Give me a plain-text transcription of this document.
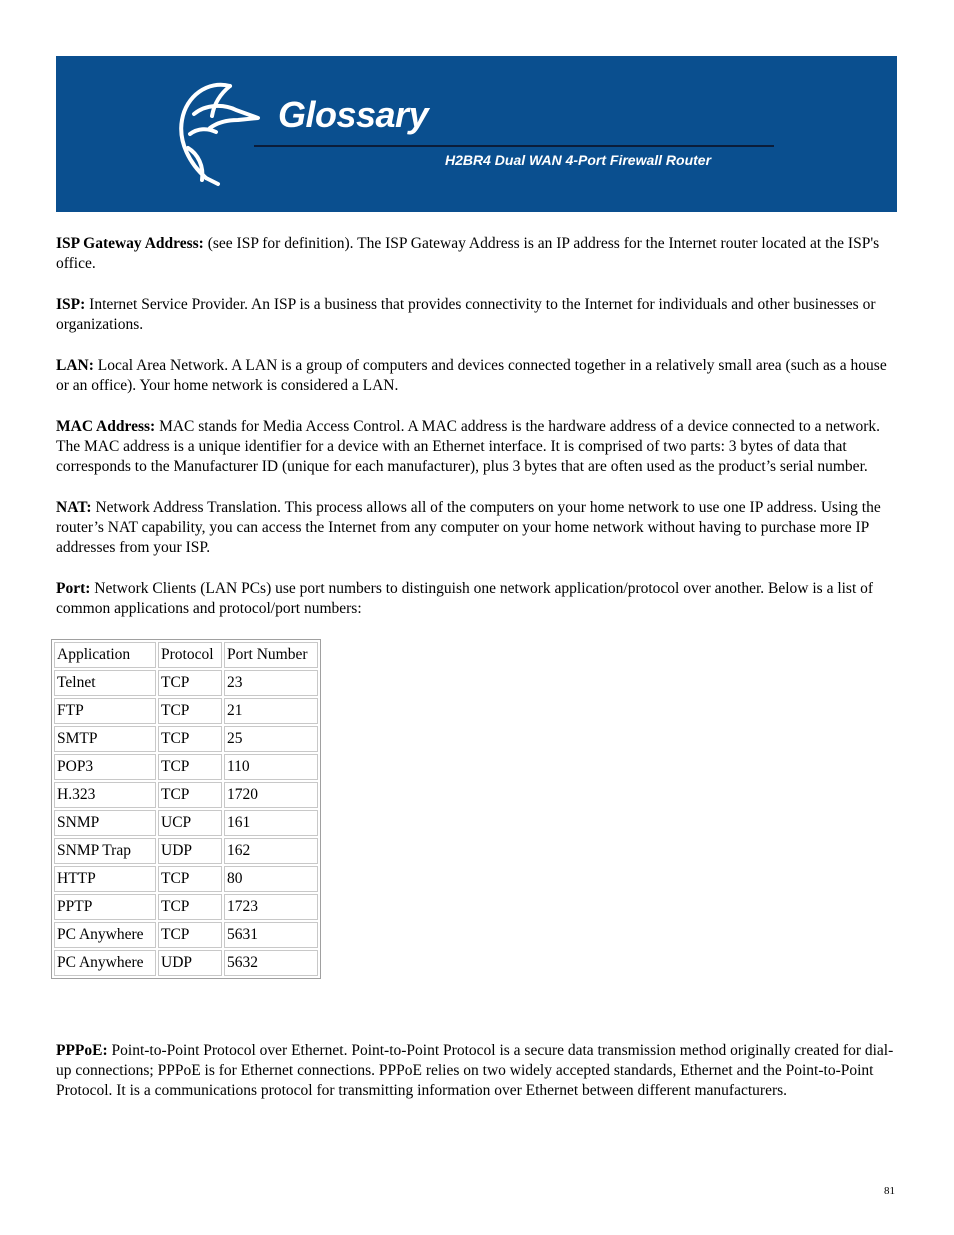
Glossary
H2BR4 Dual WAN 4-Port Firewall Router

ISP Gateway Address: (see ISP for definition). The ISP Gateway Address is an IP address for the Internet router located at the ISP's office.

ISP: Internet Service Provider. An ISP is a business that provides connectivity to the Internet for individuals and other businesses or organizations.

LAN: Local Area Network. A LAN is a group of computers and devices connected together in a relatively small area (such as a house or an office). Your home network is considered a LAN.

MAC Address: MAC stands for Media Access Control. A MAC address is the hardware address of a device connected to a network. The MAC address is a unique identifier for a device with an Ethernet interface. It is comprised of two parts: 3 bytes of data that corresponds to the Manufacturer ID (unique for each manufacturer), plus 3 bytes that are often used as the product’s serial number.

NAT: Network Address Translation. This process allows all of the computers on your home network to use one IP address. Using the router’s NAT capability, you can access the Internet from any computer on your home network without having to purchase more IP addresses from your ISP.

Port: Network Clients (LAN PCs) use port numbers to distinguish one network application/protocol over another. Below is a list of common applications and protocol/port numbers:

Application	Protocol	Port Number
Telnet	TCP	23
FTP	TCP	21
SMTP	TCP	25
POP3	TCP	110
H.323	TCP	1720
SNMP	UCP	161
SNMP Trap	UDP	162
HTTP	TCP	80
PPTP	TCP	1723
PC Anywhere	TCP	5631
PC Anywhere	UDP	5632

PPPoE: Point-to-Point Protocol over Ethernet. Point-to-Point Protocol is a secure data transmission method originally created for dial-up connections; PPPoE is for Ethernet connections. PPPoE relies on two widely accepted standards, Ethernet and the Point-to-Point Protocol. It is a communications protocol for transmitting information over Ethernet between different manufacturers.

81
